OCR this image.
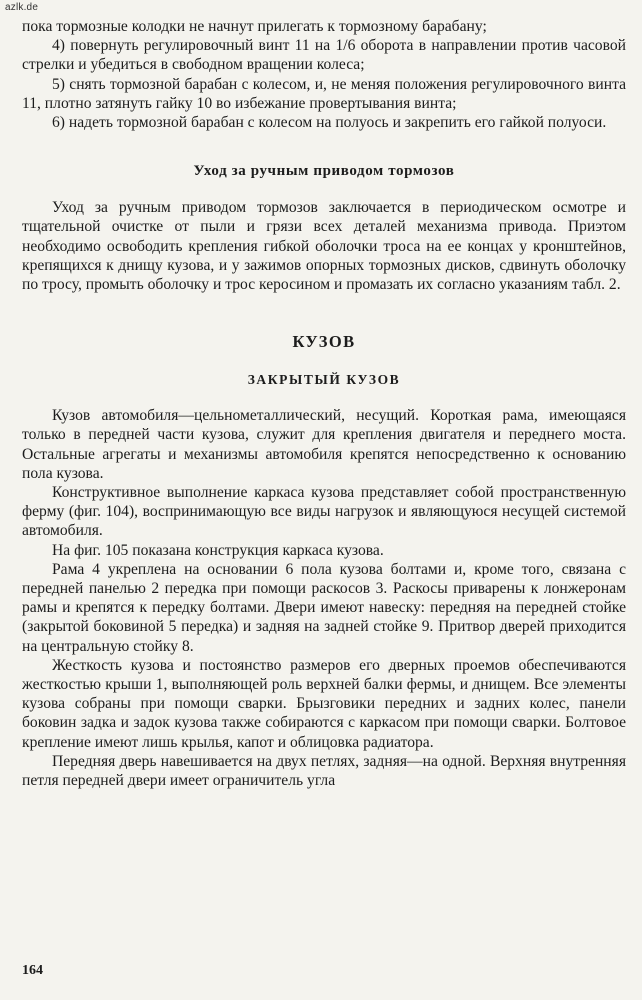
azlk.de

пока тормозные колодки не начнут прилегать к тормозному барабану;

4) повернуть регулировочный винт 11 на 1/6 оборота в направлении против часовой стрелки и убедиться в свободном вращении колеса;

5) снять тормозной барабан с колесом, и, не меняя положения регулировочного винта 11, плотно затянуть гайку 10 во избежание провертывания винта;

6) надеть тормозной барабан с колесом на полуось и закрепить его гайкой полуоси.

Уход за ручным приводом тормозов

Уход за ручным приводом тормозов заключается в периодическом осмотре и тщательной очистке от пыли и грязи всех деталей механизма привода. Приэтом необходимо освободить крепления гибкой оболочки троса на ее концах у кронштейнов, крепящихся к днищу кузова, и у зажимов опорных тормозных дисков, сдвинуть оболочку по тросу, промыть оболочку и трос керосином и промазать их согласно указаниям табл. 2.

КУЗОВ
ЗАКРЫТЫЙ КУЗОВ

Кузов автомобиля—цельнометаллический, несущий. Короткая рама, имеющаяся только в передней части кузова, служит для крепления двигателя и переднего моста. Остальные агрегаты и механизмы автомобиля крепятся непосредственно к основанию пола кузова.

Конструктивное выполнение каркаса кузова представляет собой пространственную ферму (фиг. 104), воспринимающую все виды нагрузок и являющуюся несущей системой автомобиля.

На фиг. 105 показана конструкция каркаса кузова.

Рама 4 укреплена на основании 6 пола кузова болтами и, кроме того, связана с передней панелью 2 передка при помощи раскосов 3. Раскосы приварены к лонжеронам рамы и крепятся к передку болтами. Двери имеют навеску: передняя на передней стойке (закрытой боковиной 5 передка) и задняя на задней стойке 9. Притвор дверей приходится на центральную стойку 8.

Жесткость кузова и постоянство размеров его дверных проемов обеспечиваются жесткостью крыши 1, выполняющей роль верхней балки фермы, и днищем. Все элементы кузова собраны при помощи сварки. Брызговики передних и задних колес, панели боковин задка и задок кузова также собираются с каркасом при помощи сварки. Болтовое крепление имеют лишь крылья, капот и облицовка радиатора.

Передняя дверь навешивается на двух петлях, задняя—на одной. Верхняя внутренняя петля передней двери имеет ограничитель угла

164
